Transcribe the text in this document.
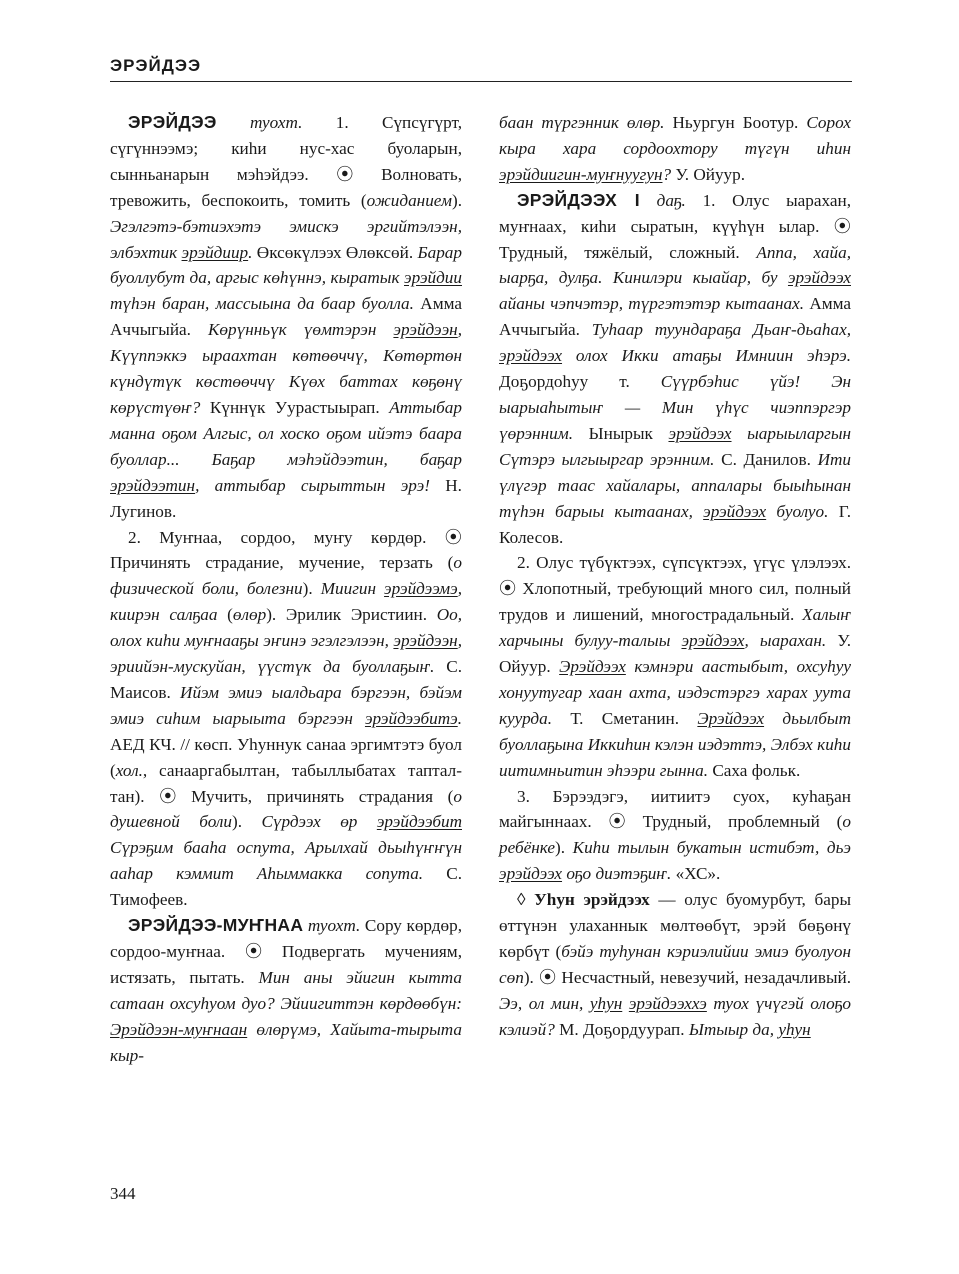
ЭРЭЙДЭЭ

ЭРЭЙДЭЭ туохт. 1. Сүпсүгүрт, сүгүннээмэ; киһи нус-хас буоларын, сынньанарын мэһэйдээ. ⦿ Волновать, тревожить, беспокоить, томить (ожиданием). Эгэлгэтэ-бэтиэхэтэ эмискэ эргийтэлээн, элбэхтик эрэйдиир. Өксөкүлээх Өлөксөй. Барар буоллубут да, аргыс көһүннэ, кыратык эрэйдии түһэн баран, массыына да баар буолла. Амма Аччыгыйа. Көрүнньүк үөмтэрэн эрэйдээн, Күүппэккэ ыраахтан көтөөччү, Көтөртөн күндүтүк көстөөччү Күөх баттах көҕөнү көрүстүөҥ? Күннүк Уурастыырап. Аттыбар манна оҕом Алгыс, ол хоско оҕом ийэтэ баара буоллар... Баҕар мэһэйдээтин, баҕар эрэйдээтин, аттыбар сырыттын эрэ! Н. Лугинов.

2. Муҥнаа, сордоо, муҥу көрдөр. ⦿ Причинять страдание, мучение, терзать (о физической боли, болезни). Миигин эрэйдээмэ, киирэн салҕаа (өлөр). Эрилик Эристиин. Оо, олох киһи муҥнааҕы эҥинэ эгэлгэлээн, эрэйдээн, эриийэн-мускуйан, үүстүк да буоллаҕыҥ. С. Маисов. Ийэм эмиэ ыалдьара бэргээн, бэйэм эмиэ сиһим ыарыыта бэргээн эрэйдээбитэ. АЕД КЧ. // көсп. Уһуннук санаа эргимтэтэ буол (хол., санааргабылтан, табыллыбатах тапталтан). ⦿ Мучить, причинять страдания (о душевной боли). Сүрдээх өр эрэйдээбит Сүрэҕим бааһа оспута, Арылхай дьыһүҥҥүн ааһар кэммит Аһыммакка сопута. С. Тимофеев.

ЭРЭЙДЭЭ-МУҤНАА туохт. Сору көрдөр, сордоо-муҥнаа. ⦿ Подвергать мучениям, истязать, пытать. Мин аны эйигин кытта сатаан охсуһуом дуо? Эйиигиттэн көрдөөбүн: Эрэйдээн-муҥнаан өлөрүмэ, Хайыта-тырыта кыр-

баан түргэнник өлөр. Ньургун Боотур. Сорох кыра хара сордоохтору түгүн иһин эрэйдиигин-муҥнуугун? У. Ойуур.

ЭРЭЙДЭЭХ I даҕ. 1. Олус ыарахан, муҥнаах, киһи сыратын, күүһүн ылар. ⦿ Трудный, тяжёлый, сложный. Аппа, хайа, ыарҕа, дулҕа. Кинилэри кыайар, бу эрэйдээх айаны чэпчэтэр, түргэтэтэр кытаанах. Амма Аччыгыйа. Туһаар туундараҕа Дьаҥ-дьаһах, эрэйдээх олох Икки атаҕы Имниин эһэрэ. Доҕордоһуу т. Сүүрбэһис үйэ! Эн ыарыаһытыҥ — Мин үһүс чиэппэргэр үөрэнним. Ынырык эрэйдээх ыарыыларгын Сүтэрэ ылгыыргар эрэнним. С. Данилов. Ити үлүгэр таас хайалары, аппалары быыһынан түһэн барыы кытаанах, эрэйдээх буолуо. Г. Колесов.

2. Олус түбүктээх, сүпсүктээх, үгүс үлэлээх. ⦿ Хлопотный, требующий много сил, полный трудов и лишений, многострадальный. Халыҥ харчыны булуу-талыы эрэйдээх, ыарахан. У. Ойуур. Эрэйдээх кэмнэри аастыбыт, охсуһуу хонуутугар хаан ахта, иэдэстэргэ харах уута куурда. Т. Сметанин. Эрэйдээх дьылбыт буоллаҕына Иккиһин кэлэн иэдэттэ, Элбэх киһи иитимньитин эһээри гынна. Саха фольк.

3. Бэрээдэгэ, иитиитэ суох, куһаҕан майгыннаах. ⦿ Трудный, проблемный (о ребёнке). Киһи тылын букатын истибэт, дьэ эрэйдээх оҕо диэтэҕиҥ. «ХС».

◊ Уһун эрэйдээх — олус буомурбут, бары өттүнэн улаханнык мөлтөөбүт, эрэй бөҕөнү көрбүт (бэйэ туһунан кэриэлийии эмиэ буолуон сөп). ⦿ Несчастный, невезучий, незадачливый. Ээ, ол мин, уһун эрэйдээххэ туох үчүгэй олоҕо кэлиэй? М. Доҕордуурап. Ытыыр да, уһун

344
